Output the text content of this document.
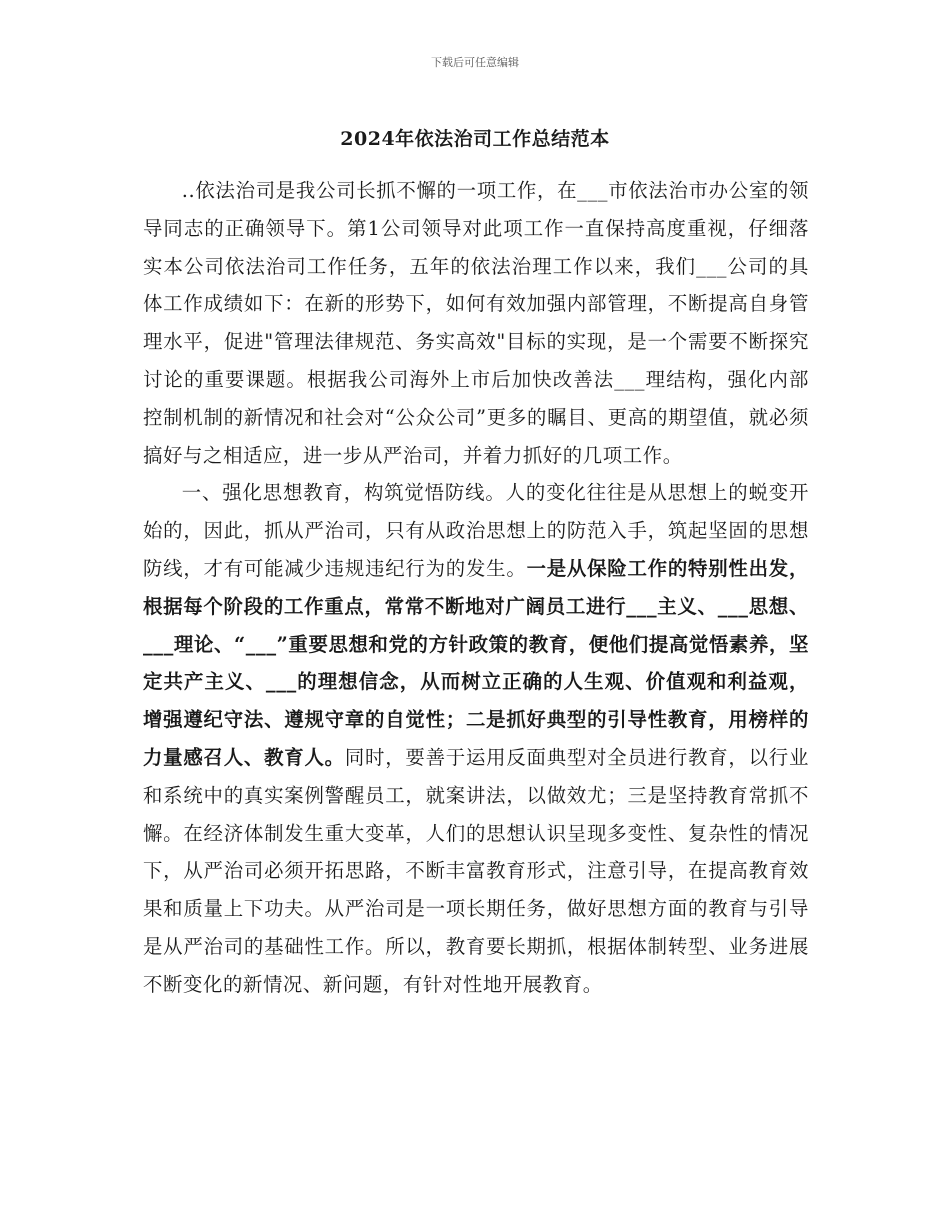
下载后可任意编辑
2024年依法治司工作总结范本

..依法治司是我公司长抓不懈的一项工作，在___市依法治市办公室的领导同志的正确领导下。第1公司领导对此项工作一直保持高度重视，仔细落实本公司依法治司工作任务，五年的依法治理工作以来，我们___公司的具体工作成绩如下：在新的形势下，如何有效加强内部管理，不断提高自身管理水平，促进"管理法律规范、务实高效"目标的实现，是一个需要不断探究讨论的重要课题。根据我公司海外上市后加快改善法___理结构，强化内部控制机制的新情况和社会对“公众公司”更多的瞩目、更高的期望值，就必须搞好与之相适应，进一步从严治司，并着力抓好的几项工作。

一、强化思想教育，构筑觉悟防线。人的变化往往是从思想上的蜕变开始的，因此，抓从严治司，只有从政治思想上的防范入手，筑起坚固的思想防线，才有可能减少违规违纪行为的发生。一是从保险工作的特别性出发，根据每个阶段的工作重点，常常不断地对广阔员工进行___主义、___思想、___理论、“___”重要思想和党的方针政策的教育，便他们提高觉悟素养，坚定共产主义、___的理想信念，从而树立正确的人生观、价值观和利益观，增强遵纪守法、遵规守章的自觉性；二是抓好典型的引导性教育，用榜样的力量感召人、教育人。同时，要善于运用反面典型对全员进行教育，以行业和系统中的真实案例警醒员工，就案讲法，以做效尤；三是坚持教育常抓不懈。在经济体制发生重大变革，人们的思想认识呈现多变性、复杂性的情况下，从严治司必须开拓思路，不断丰富教育形式，注意引导，在提高教育效果和质量上下功夫。从严治司是一项长期任务，做好思想方面的教育与引导是从严治司的基础性工作。所以，教育要长期抓，根据体制转型、业务进展不断变化的新情况、新问题，有针对性地开展教育。
